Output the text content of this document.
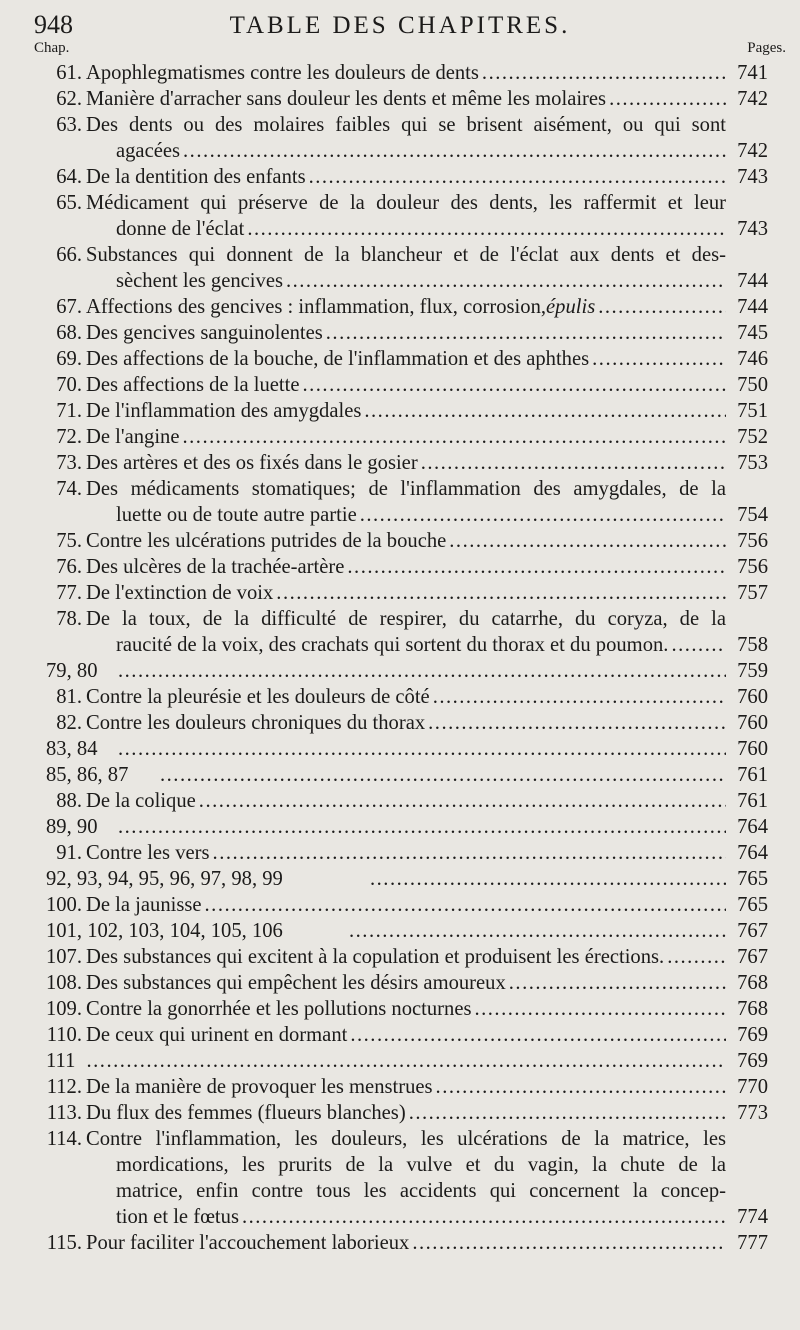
948	TABLE DES CHAPITRES.
Chap.	Pages.
61. Apophlegmatismes contre les douleurs de dents .....	741
62. Manière d'arracher sans douleur les dents et même les molaires .....	742
63. Des dents ou des molaires faibles qui se brisent aisément, ou qui sont
agacées .....	742
64. De la dentition des enfants .....	743
65. Médicament qui préserve de la douleur des dents, les raffermit et leur
donne de l'éclat .....	743
66. Substances qui donnent de la blancheur et de l'éclat aux dents et des-
sèchent les gencives .....	744
67. Affections des gencives : inflammation, flux, corrosion, épulis .....	744
68. Des gencives sanguinolentes .....	745
69. Des affections de la bouche, de l'inflammation et des aphthes .....	746
70. Des affections de la luette .....	750
71. De l'inflammation des amygdales .....	751
72. De l'angine .....	752
73. Des artères et des os fixés dans le gosier .....	753
74. Des médicaments stomatiques; de l'inflammation des amygdales, de la
luette ou de toute autre partie .....	754
75. Contre les ulcérations putrides de la bouche .....	756
76. Des ulcères de la trachée-artère .....	756
77. De l'extinction de voix .....	757
78. De la toux, de la difficulté de respirer, du catarrhe, du coryza, de la
raucité de la voix, des crachats qui sortent du thorax et du poumon. .....	758
79, 80 .....	759
81. Contre la pleurésie et les douleurs de côté .....	760
82. Contre les douleurs chroniques du thorax .....	760
83, 84 .....	760
85, 86, 87 .....	761
88. De la colique .....	761
89, 90 .....	764
91. Contre les vers .....	764
92, 93, 94, 95, 96, 97, 98, 99 .....	765
100. De la jaunisse .....	765
101, 102, 103, 104, 105, 106 .....	767
107. Des substances qui excitent à la copulation et produisent les érections. .....	767
108. Des substances qui empêchent les désirs amoureux .....	768
109. Contre la gonorrhée et les pollutions nocturnes .....	768
110. De ceux qui urinent en dormant .....	769
111 .....	769
112. De la manière de provoquer les menstrues .....	770
113. Du flux des femmes (flueurs blanches) .....	773
114. Contre l'inflammation, les douleurs, les ulcérations de la matrice, les
mordications, les prurits de la vulve et du vagin, la chute de la
matrice, enfin contre tous les accidents qui concernent la concep-
tion et le fœtus .....	774
115. Pour faciliter l'accouchement laborieux .....	777
